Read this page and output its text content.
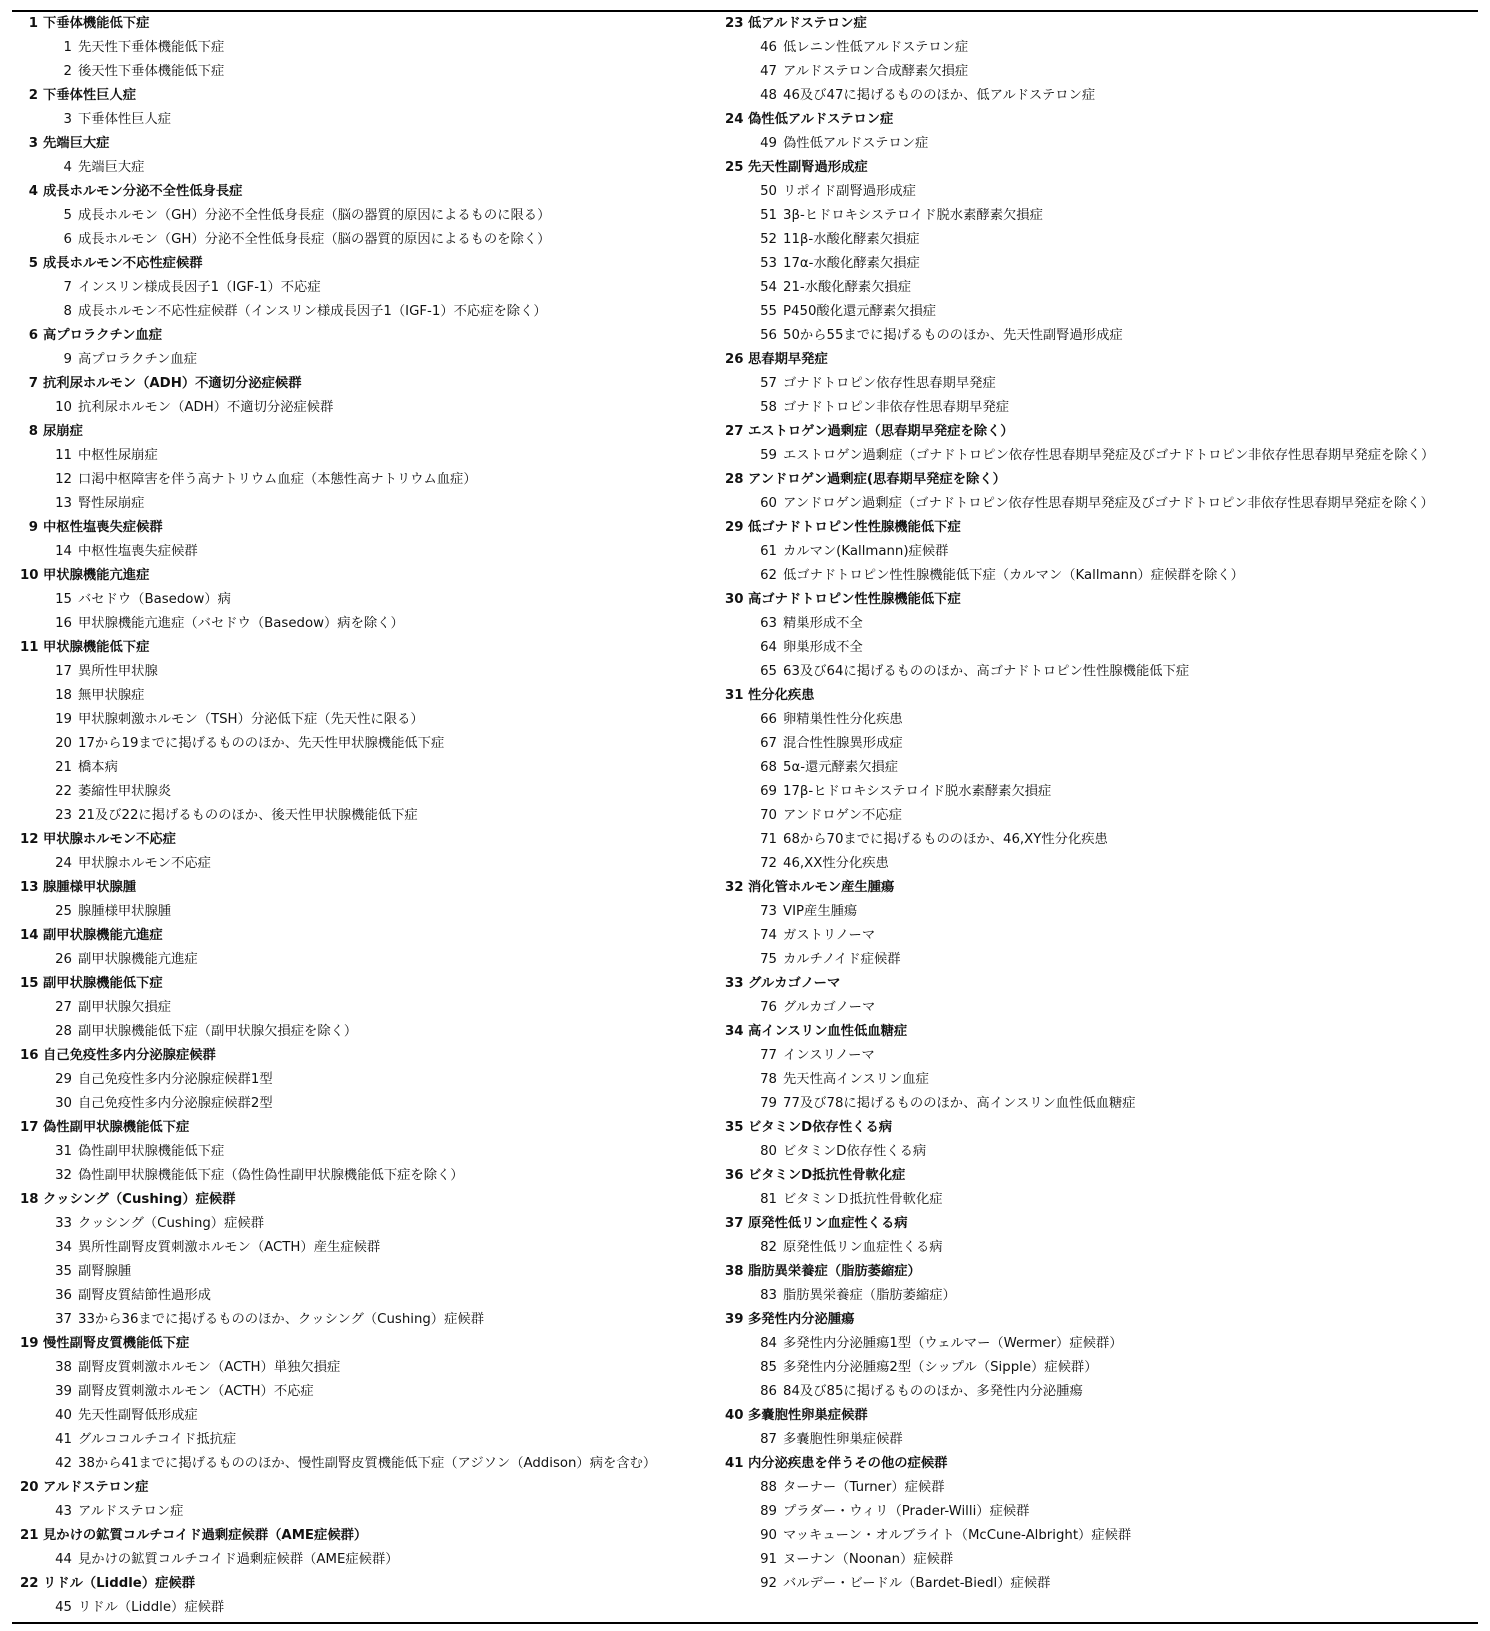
1 下垂体機能低下症
1 先天性下垂体機能低下症
2 後天性下垂体機能低下症
2 下垂体性巨人症
3 下垂体性巨人症
3 先端巨大症
4 先端巨大症
4 成長ホルモン分泌不全性低身長症
5 成長ホルモン（GH）分泌不全性低身長症（脳の器質的原因によるものに限る）
6 成長ホルモン（GH）分泌不全性低身長症（脳の器質的原因によるものを除く）
5 成長ホルモン不応性症候群
7 インスリン様成長因子1（IGF-1）不応症
8 成長ホルモン不応性症候群（インスリン様成長因子1（IGF-1）不応症を除く）
6 高プロラクチン血症
9 高プロラクチン血症
7 抗利尿ホルモン（ADH）不適切分泌症候群
10 抗利尿ホルモン（ADH）不適切分泌症候群
8 尿崩症
11 中枢性尿崩症
12 口渇中枢障害を伴う高ナトリウム血症（本態性高ナトリウム血症）
13 腎性尿崩症
9 中枢性塩喪失症候群
14 中枢性塩喪失症候群
10 甲状腺機能亢進症
15 バセドウ（Basedow）病
16 甲状腺機能亢進症（バセドウ（Basedow）病を除く）
11 甲状腺機能低下症
17 異所性甲状腺
18 無甲状腺症
19 甲状腺刺激ホルモン（TSH）分泌低下症（先天性に限る）
20 17から19までに掲げるもののほか、先天性甲状腺機能低下症
21 橋本病
22 萎縮性甲状腺炎
23 21及び22に掲げるもののほか、後天性甲状腺機能低下症
12 甲状腺ホルモン不応症
24 甲状腺ホルモン不応症
13 腺腫様甲状腺腫
25 腺腫様甲状腺腫
14 副甲状腺機能亢進症
26 副甲状腺機能亢進症
15 副甲状腺機能低下症
27 副甲状腺欠損症
28 副甲状腺機能低下症（副甲状腺欠損症を除く）
16 自己免疫性多内分泌腺症候群
29 自己免疫性多内分泌腺症候群1型
30 自己免疫性多内分泌腺症候群2型
17 偽性副甲状腺機能低下症
31 偽性副甲状腺機能低下症
32 偽性副甲状腺機能低下症（偽性偽性副甲状腺機能低下症を除く）
18 クッシング（Cushing）症候群
33 クッシング（Cushing）症候群
34 異所性副腎皮質刺激ホルモン（ACTH）産生症候群
35 副腎腺腫
36 副腎皮質結節性過形成
37 33から36までに掲げるもののほか、クッシング（Cushing）症候群
19 慢性副腎皮質機能低下症
38 副腎皮質刺激ホルモン（ACTH）単独欠損症
39 副腎皮質刺激ホルモン（ACTH）不応症
40 先天性副腎低形成症
41 グルココルチコイド抵抗症
42 38から41までに掲げるもののほか、慢性副腎皮質機能低下症（アジソン（Addison）病を含む）
20 アルドステロン症
43 アルドステロン症
21 見かけの鉱質コルチコイド過剰症候群（AME症候群）
44 見かけの鉱質コルチコイド過剰症候群（AME症候群）
22 リドル（Liddle）症候群
45 リドル（Liddle）症候群
23 低アルドステロン症
46 低レニン性低アルドステロン症
47 アルドステロン合成酵素欠損症
48 46及び47に掲げるもののほか、低アルドステロン症
24 偽性低アルドステロン症
49 偽性低アルドステロン症
25 先天性副腎過形成症
50 リポイド副腎過形成症
51 3β-ヒドロキシステロイド脱水素酵素欠損症
52 11β-水酸化酵素欠損症
53 17α-水酸化酵素欠損症
54 21-水酸化酵素欠損症
55 P450酸化還元酵素欠損症
56 50から55までに掲げるもののほか、先天性副腎過形成症
26 思春期早発症
57 ゴナドトロピン依存性思春期早発症
58 ゴナドトロピン非依存性思春期早発症
27 エストロゲン過剰症（思春期早発症を除く）
59 エストロゲン過剰症（ゴナドトロピン依存性思春期早発症及びゴナドトロピン非依存性思春期早発症を除く）
28 アンドロゲン過剰症(思春期早発症を除く）
60 アンドロゲン過剰症（ゴナドトロピン依存性思春期早発症及びゴナドトロピン非依存性思春期早発症を除く）
29 低ゴナドトロピン性性腺機能低下症
61 カルマン(Kallmann)症候群
62 低ゴナドトロピン性性腺機能低下症（カルマン（Kallmann）症候群を除く）
30 高ゴナドトロピン性性腺機能低下症
63 精巣形成不全
64 卵巣形成不全
65 63及び64に掲げるもののほか、高ゴナドトロピン性性腺機能低下症
31 性分化疾患
66 卵精巣性性分化疾患
67 混合性性腺異形成症
68 5α-還元酵素欠損症
69 17β-ヒドロキシステロイド脱水素酵素欠損症
70 アンドロゲン不応症
71 68から70までに掲げるもののほか、46,XY性分化疾患
72 46,XX性分化疾患
32 消化管ホルモン産生腫瘍
73 VIP産生腫瘍
74 ガストリノーマ
75 カルチノイド症候群
33 グルカゴノーマ
76 グルカゴノーマ
34 高インスリン血性低血糖症
77 インスリノーマ
78 先天性高インスリン血症
79 77及び78に掲げるもののほか、高インスリン血性低血糖症
35 ビタミンD依存性くる病
80 ビタミンD依存性くる病
36 ビタミンD抵抗性骨軟化症
81 ビタミンＤ抵抗性骨軟化症
37 原発性低リン血症性くる病
82 原発性低リン血症性くる病
38 脂肪異栄養症（脂肪萎縮症）
83 脂肪異栄養症（脂肪萎縮症）
39 多発性内分泌腫瘍
84 多発性内分泌腫瘍1型（ウェルマー（Wermer）症候群）
85 多発性内分泌腫瘍2型（シップル（Sipple）症候群）
86 84及び85に掲げるもののほか、多発性内分泌腫瘍
40 多嚢胞性卵巣症候群
87 多嚢胞性卵巣症候群
41 内分泌疾患を伴うその他の症候群
88 ターナー（Turner）症候群
89 プラダー・ウィリ（Prader-Willi）症候群
90 マッキューン・オルブライト（McCune-Albright）症候群
91 ヌーナン（Noonan）症候群
92 バルデー・ビードル（Bardet-Biedl）症候群
